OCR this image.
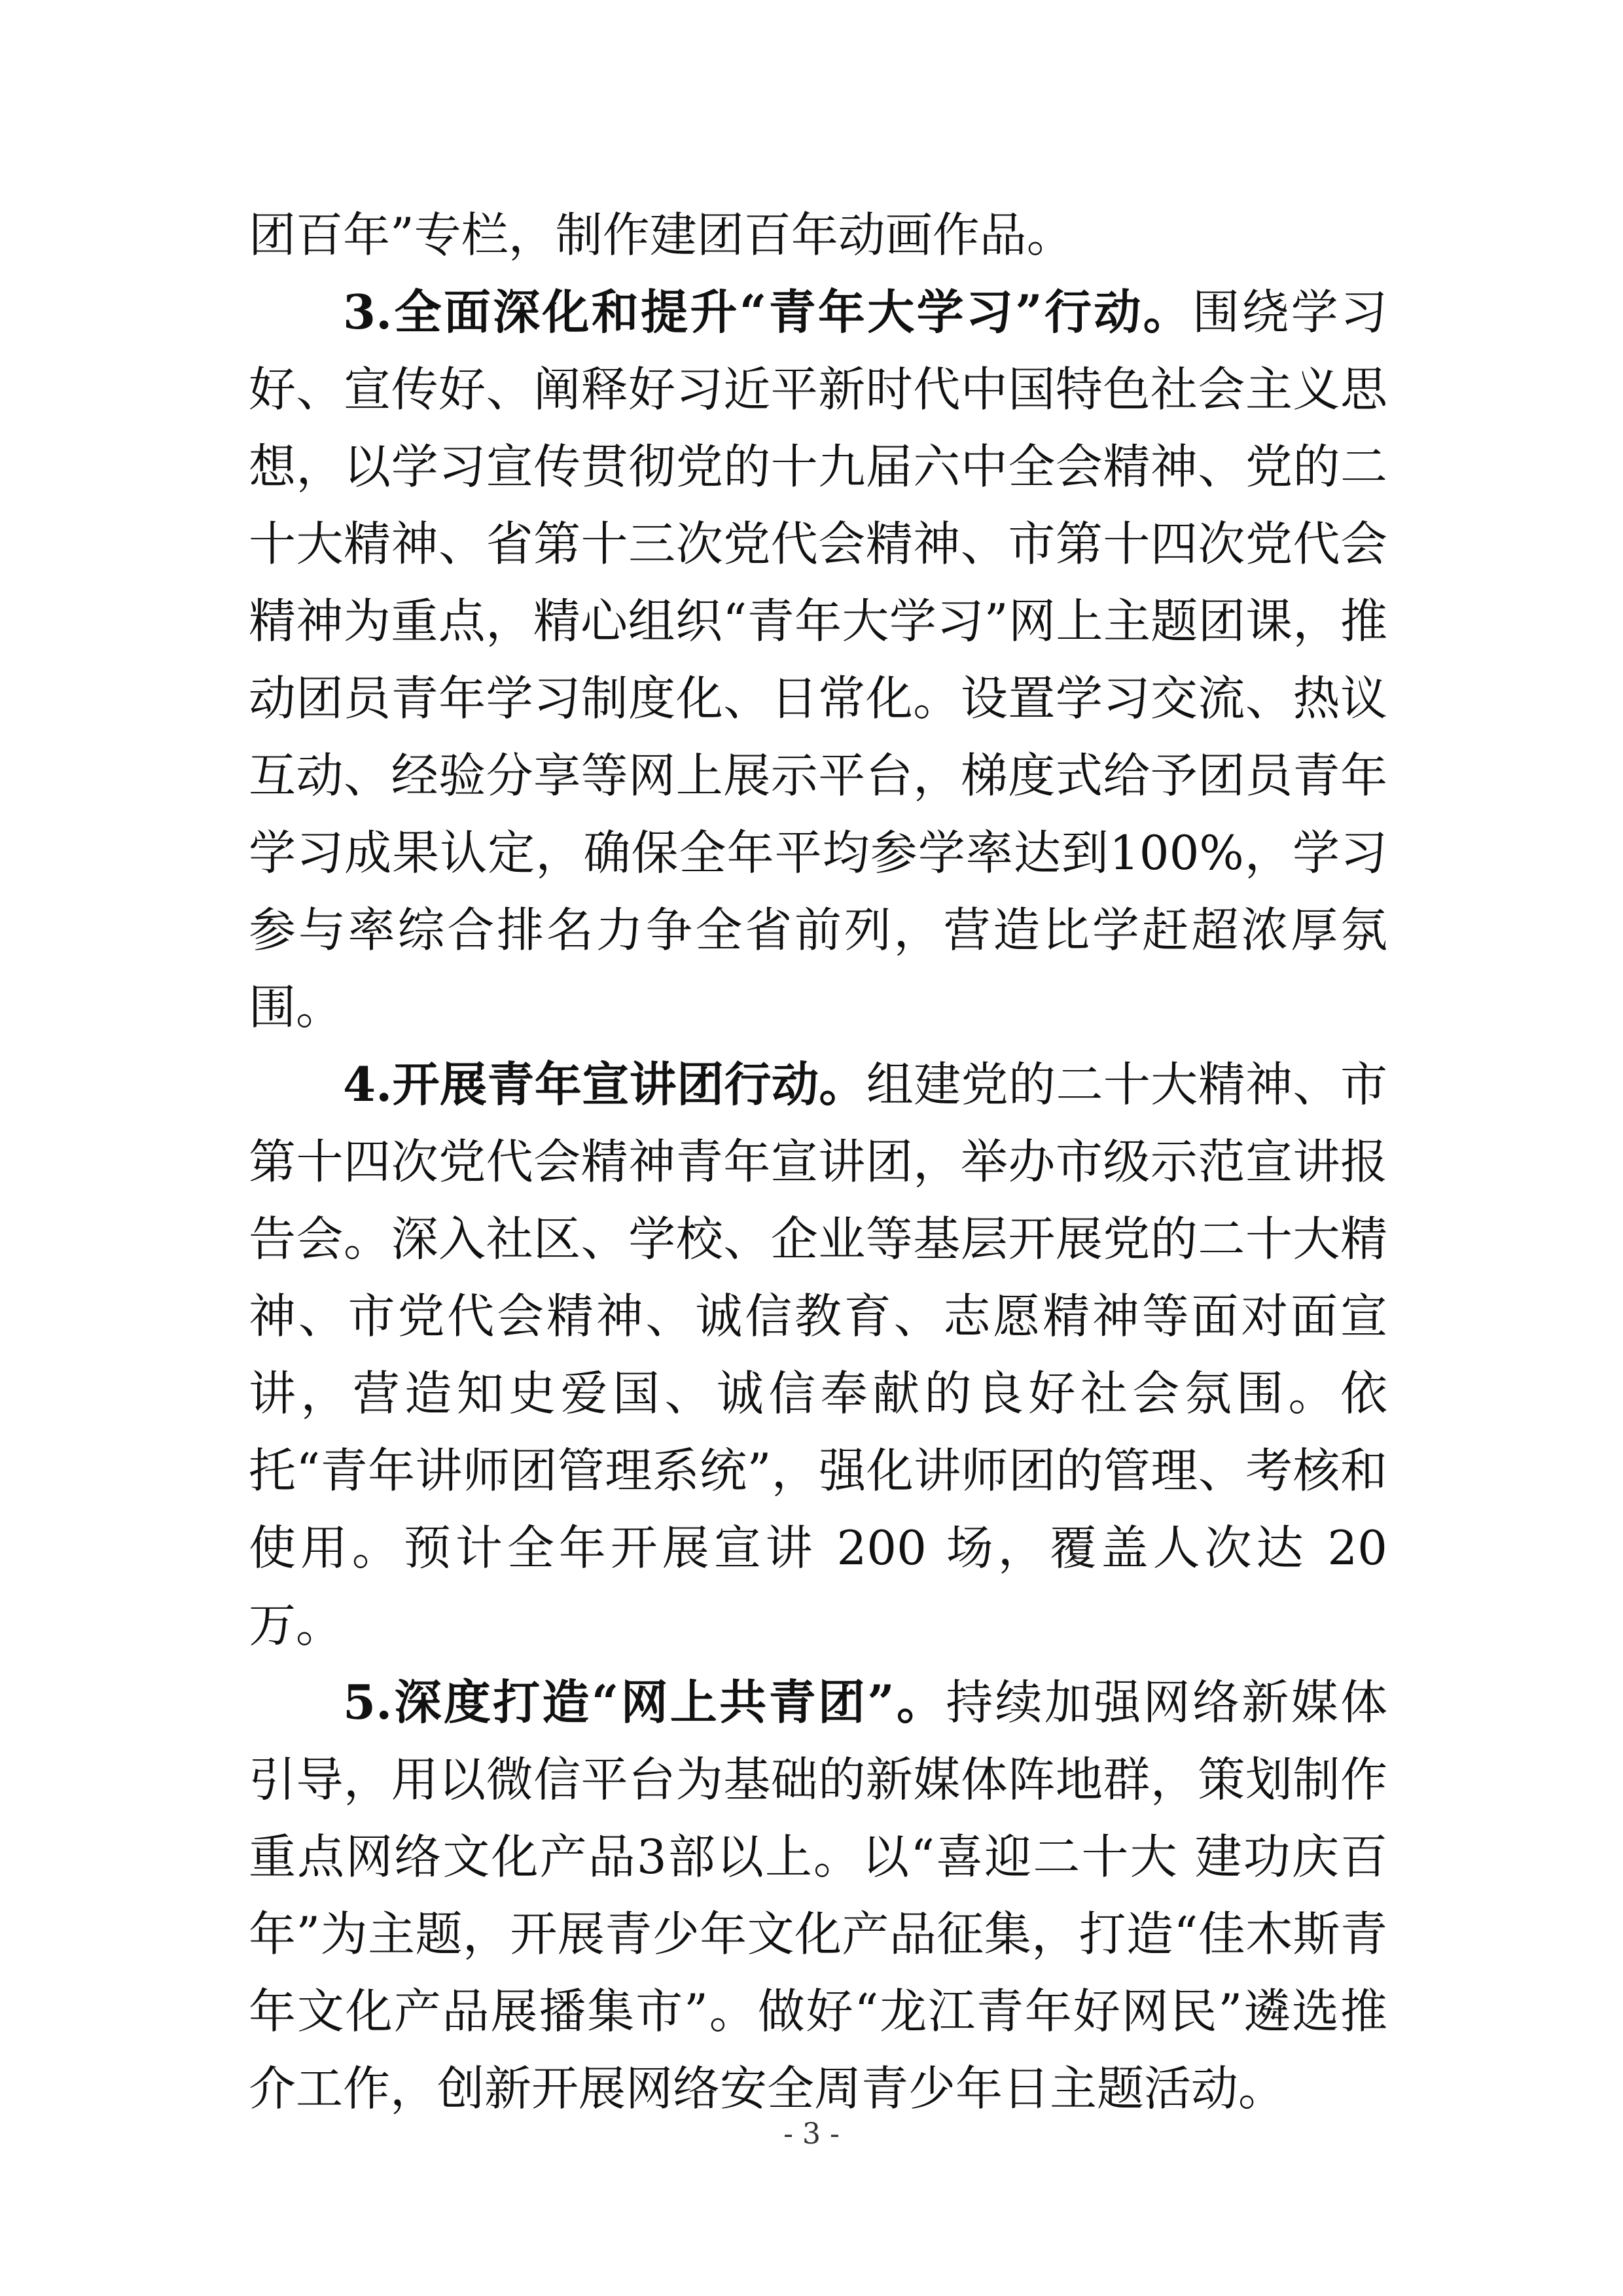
团百年”专栏，制作建团百年动画作品。

3.全面深化和提升“青年大学习”行动。围绕学习好、宣传好、阐释好习近平新时代中国特色社会主义思想，以学习宣传贯彻党的十九届六中全会精神、党的二十大精神、省第十三次党代会精神、市第十四次党代会精神为重点，精心组织“青年大学习”网上主题团课，推动团员青年学习制度化、日常化。设置学习交流、热议互动、经验分享等网上展示平台，梯度式给予团员青年学习成果认定，确保全年平均参学率达到100%，学习参与率综合排名力争全省前列，营造比学赶超浓厚氛围。

4.开展青年宣讲团行动。组建党的二十大精神、市第十四次党代会精神青年宣讲团，举办市级示范宣讲报告会。深入社区、学校、企业等基层开展党的二十大精神、市党代会精神、诚信教育、志愿精神等面对面宣讲，营造知史爱国、诚信奉献的良好社会氛围。依托“青年讲师团管理系统”，强化讲师团的管理、考核和使用。预计全年开展宣讲 200 场，覆盖人次达 20 万。

5.深度打造“网上共青团”。持续加强网络新媒体引导，用以微信平台为基础的新媒体阵地群，策划制作重点网络文化产品3部以上。以“喜迎二十大 建功庆百年”为主题，开展青少年文化产品征集，打造“佳木斯青年文化产品展播集市”。做好“龙江青年好网民”遴选推介工作，创新开展网络安全周青少年日主题活动。

- 3 -
